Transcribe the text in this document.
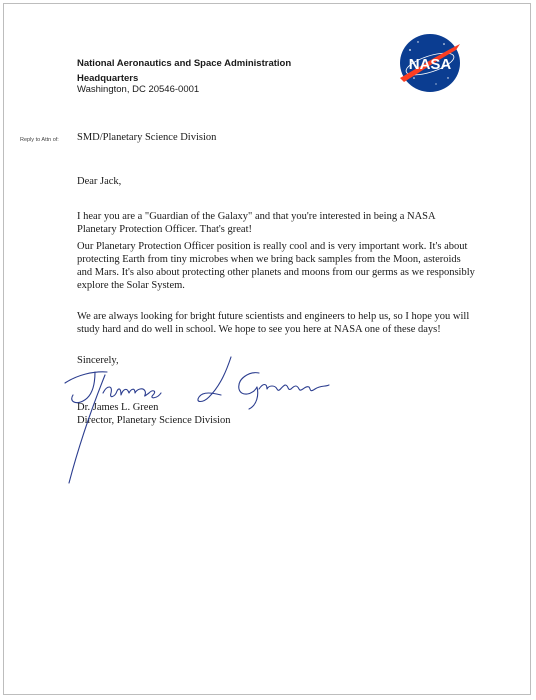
National Aeronautics and Space Administration
Headquarters
Washington, DC 20546-0001
NASA
Reply to Attn of: SMD/Planetary Science Division
Dear Jack,
I hear you are a "Guardian of the Galaxy" and that you're interested in being a NASA Planetary Protection Officer. That's great!
Our Planetary Protection Officer position is really cool and is very important work. It's about protecting Earth from tiny microbes when we bring back samples from the Moon, asteroids and Mars. It's also about protecting other planets and moons from our germs as we responsibly explore the Solar System.
We are always looking for bright future scientists and engineers to help us, so I hope you will study hard and do well in school. We hope to see you here at NASA one of these days!
Sincerely,
Dr. James L. Green
Director, Planetary Science Division
